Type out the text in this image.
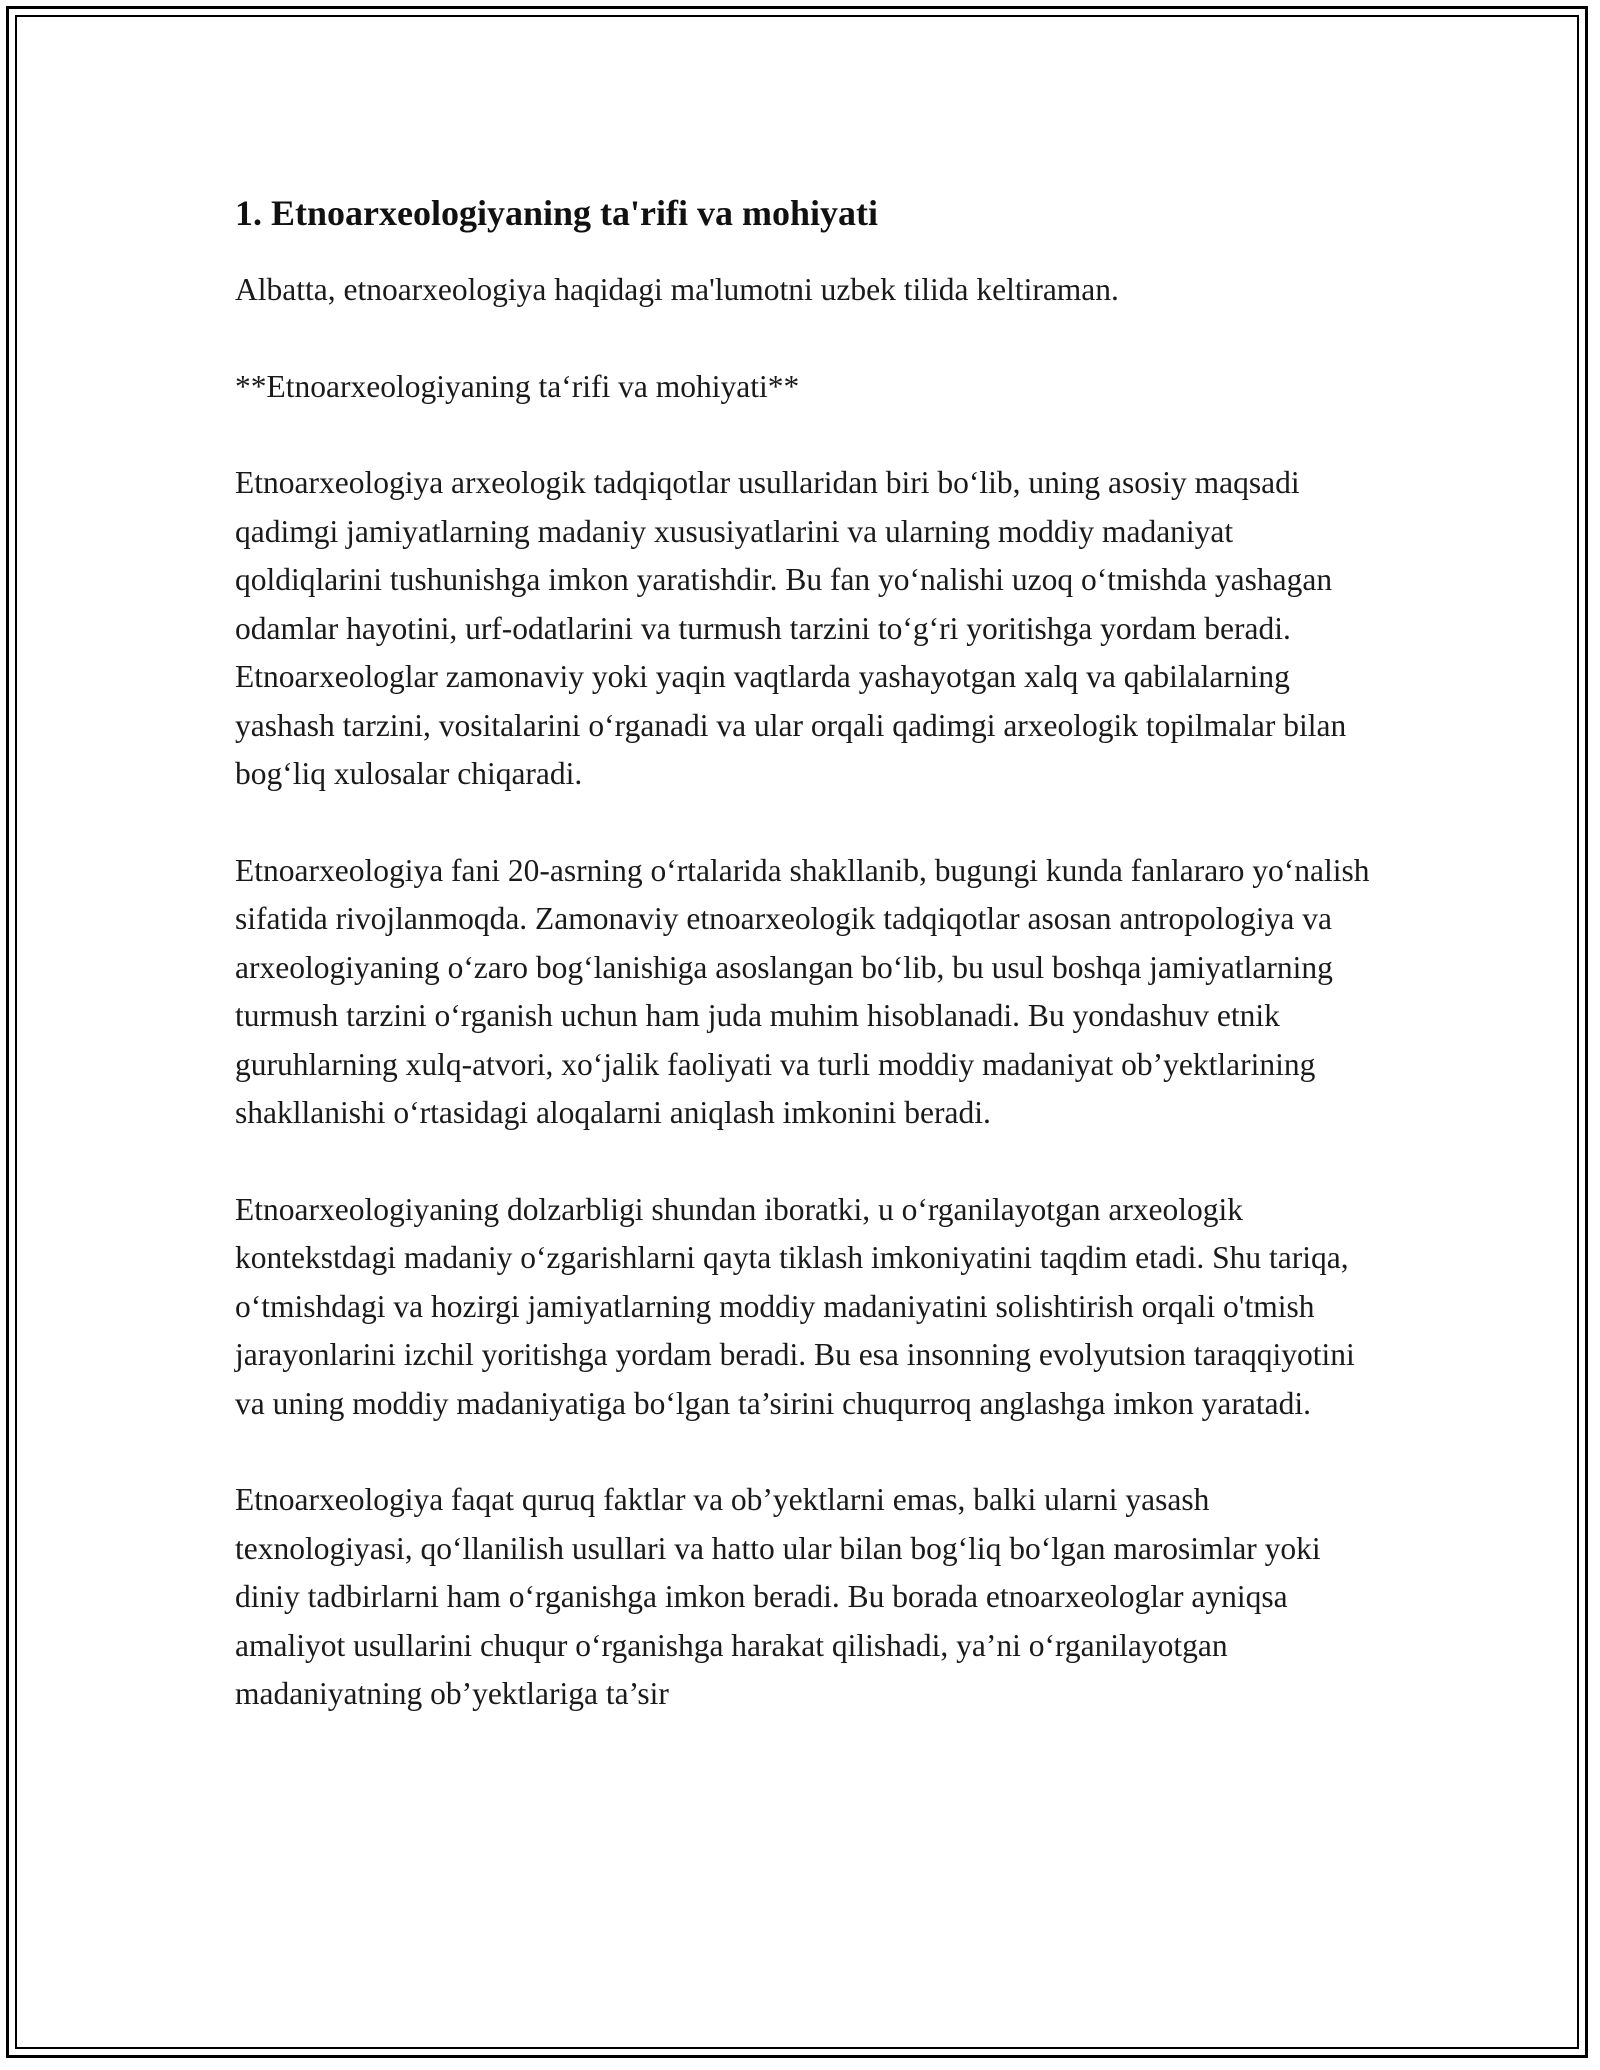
1. Etnoarxeologiyaning ta'rifi va mohiyati

Albatta, etnoarxeologiya haqidagi ma'lumotni uzbek tilida keltiraman.

**Etnoarxeologiyaning ta‘rifi va mohiyati**

Etnoarxeologiya arxeologik tadqiqotlar usullaridan biri bo‘lib, uning asosiy maqsadi qadimgi jamiyatlarning madaniy xususiyatlarini va ularning moddiy madaniyat qoldiqlarini tushunishga imkon yaratishdir. Bu fan yo‘nalishi uzoq o‘tmishda yashagan odamlar hayotini, urf-odatlarini va turmush tarzini to‘g‘ri yoritishga yordam beradi. Etnoarxeologlar zamonaviy yoki yaqin vaqtlarda yashayotgan xalq va qabilalarning yashash tarzini, vositalarini o‘rganadi va ular orqali qadimgi arxeologik topilmalar bilan bog‘liq xulosalar chiqaradi.

Etnoarxeologiya fani 20-asrning o‘rtalarida shakllanib, bugungi kunda fanlararo yo‘nalish sifatida rivojlanmoqda. Zamonaviy etnoarxeologik tadqiqotlar asosan antropologiya va arxeologiyaning o‘zaro bog‘lanishiga asoslangan bo‘lib, bu usul boshqa jamiyatlarning turmush tarzini o‘rganish uchun ham juda muhim hisoblanadi. Bu yondashuv etnik guruhlarning xulq-atvori, xo‘jalik faoliyati va turli moddiy madaniyat ob’yektlarining shakllanishi o‘rtasidagi aloqalarni aniqlash imkonini beradi.

Etnoarxeologiyaning dolzarbligi shundan iboratki, u o‘rganilayotgan arxeologik kontekstdagi madaniy o‘zgarishlarni qayta tiklash imkoniyatini taqdim etadi. Shu tariqa, o‘tmishdagi va hozirgi jamiyatlarning moddiy madaniyatini solishtirish orqali o'tmish jarayonlarini izchil yoritishga yordam beradi. Bu esa insonning evolyutsion taraqqiyotini va uning moddiy madaniyatiga bo‘lgan ta’sirini chuqurroq anglashga imkon yaratadi.

Etnoarxeologiya faqat quruq faktlar va ob’yektlarni emas, balki ularni yasash texnologiyasi, qo‘llanilish usullari va hatto ular bilan bog‘liq bo‘lgan marosimlar yoki diniy tadbirlarni ham o‘rganishga imkon beradi. Bu borada etnoarxeologlar ayniqsa amaliyot usullarini chuqur o‘rganishga harakat qilishadi, ya’ni o‘rganilayotgan madaniyatning ob’yektlariga ta’sir
